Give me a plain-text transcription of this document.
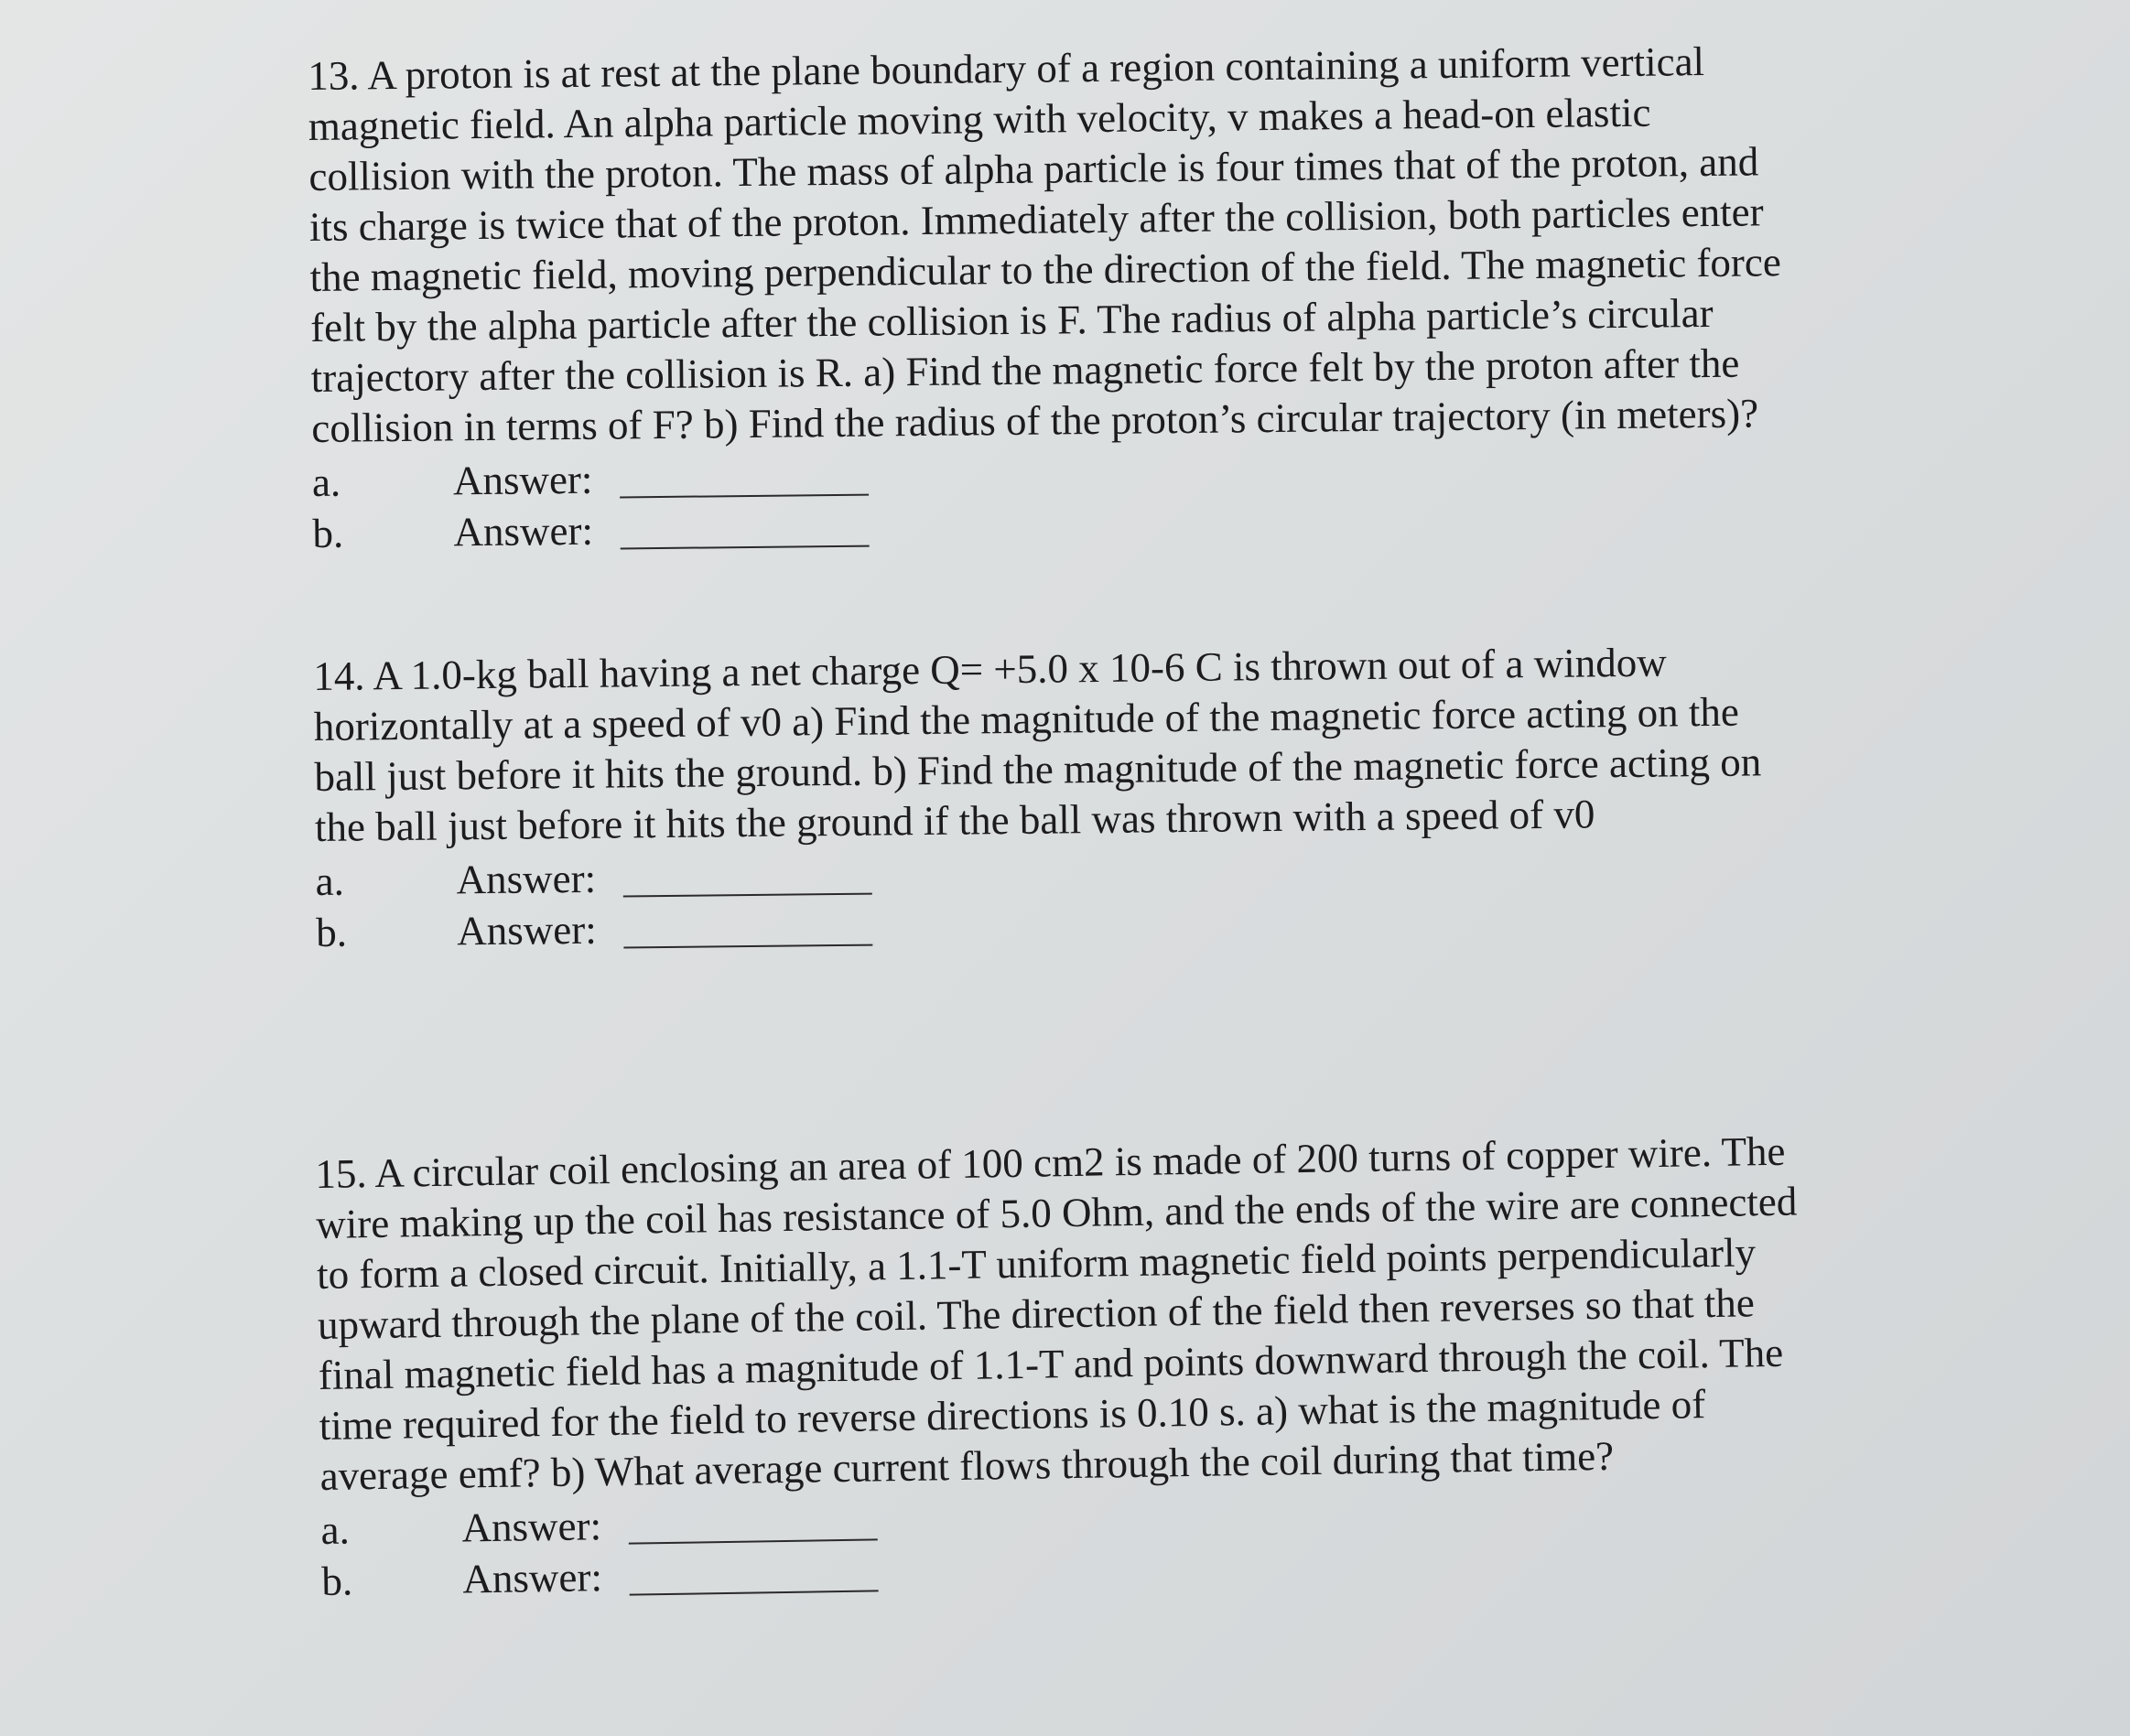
13. A proton is at rest at the plane boundary of a region containing a uniform vertical
magnetic field. An alpha particle moving with velocity, v makes a head-on elastic
collision with the proton. The mass of alpha particle is four times that of the proton, and
its charge is twice that of the proton. Immediately after the collision, both particles enter
the magnetic field, moving perpendicular to the direction of the field. The magnetic force
felt by the alpha particle after the collision is F. The radius of alpha particle’s circular
trajectory after the collision is R. a) Find the magnetic force felt by the proton after the
collision in terms of F? b) Find the radius of the proton’s circular trajectory (in meters)?
a.	Answer:
b.	Answer:
14. A 1.0-kg ball having a net charge Q= +5.0 x 10-6 C is thrown out of a window
horizontally at a speed of v0 a) Find the magnitude of the magnetic force acting on the
ball just before it hits the ground. b) Find the magnitude of the magnetic force acting on
the ball just before it hits the ground if the ball was thrown with a speed of v0
a.	Answer:
b.	Answer:
15. A circular coil enclosing an area of 100 cm2 is made of 200 turns of copper wire. The
wire making up the coil has resistance of 5.0 Ohm, and the ends of the wire are connected
to form a closed circuit. Initially, a 1.1-T uniform magnetic field points perpendicularly
upward through the plane of the coil. The direction of the field then reverses so that the
final magnetic field has a magnitude of 1.1-T and points downward through the coil. The
time required for the field to reverse directions is 0.10 s. a) what is the magnitude of
average emf? b) What average current flows through the coil during that time?
a.	Answer:
b.	Answer:
